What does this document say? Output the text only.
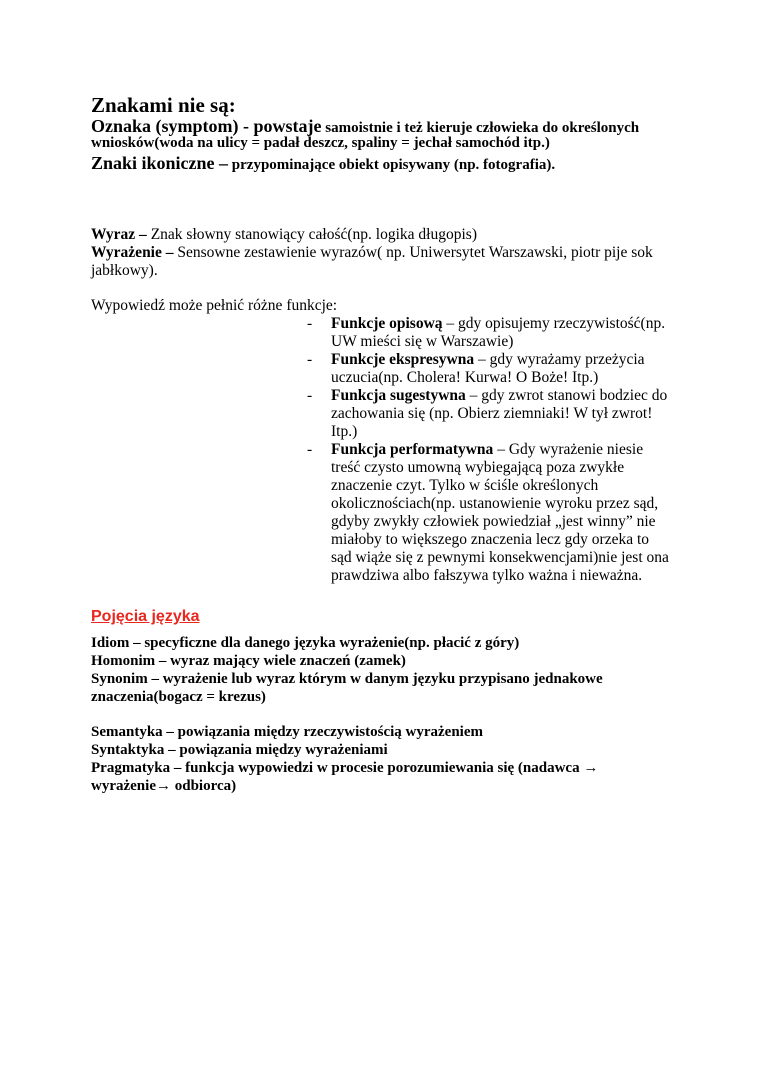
Znakami nie są:
Oznaka (symptom) - powstaje samoistnie i też kieruje człowieka do określonych
wniosków(woda na ulicy = padał deszcz, spaliny = jechał samochód itp.)
Znaki ikoniczne – przypominające obiekt opisywany (np. fotografia).
Wyraz – Znak słowny stanowiący całość(np. logika długopis)
Wyrażenie – Sensowne zestawienie wyrazów( np. Uniwersytet Warszawski, piotr pije sok
jabłkowy).
Wypowiedź może pełnić różne funkcje:
- Funkcje opisową – gdy opisujemy rzeczywistość(np. UW mieści się w Warszawie)
- Funkcje ekspresywna – gdy wyrażamy przeżycia uczucia(np. Cholera! Kurwa! O Boże! Itp.)
- Funkcja sugestywna – gdy zwrot stanowi bodziec do zachowania się (np. Obierz ziemniaki! W tył zwrot! Itp.)
- Funkcja performatywna – Gdy wyrażenie niesie treść czysto umowną wybiegającą poza zwykłe znaczenie czyt. Tylko w ściśle określonych okolicznościach(np. ustanowienie wyroku przez sąd, gdyby zwykły człowiek powiedział „jest winny” nie miałoby to większego znaczenia lecz gdy orzeka to sąd wiąże się z pewnymi konsekwencjami)nie jest ona prawdziwa albo fałszywa tylko ważna i nieważna.
Pojęcia języka
Idiom – specyficzne dla danego języka wyrażenie(np. płacić z góry)
Homonim – wyraz mający wiele znaczeń (zamek)
Synonim – wyrażenie lub wyraz którym w danym języku przypisano jednakowe
znaczenia(bogacz = krezus)
Semantyka – powiązania między rzeczywistością wyrażeniem
Syntaktyka – powiązania między wyrażeniami
Pragmatyka – funkcja wypowiedzi w procesie porozumiewania się (nadawca →
wyrażenie→ odbiorca)
